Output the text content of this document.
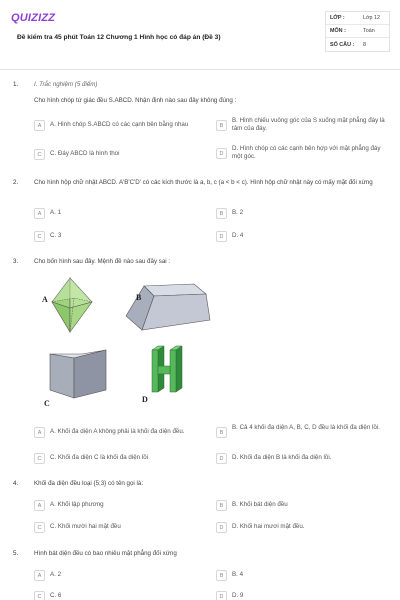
QUIZIZZ
Đề kiểm tra 45 phút Toán 12 Chương 1 Hình học có đáp án (Đề 3)
LỚP :	Lớp 12
MÔN :	Toán
SỐ CÂU :	8
1.	I. Trắc nghiệm (5 điểm)
Cho hình chóp tứ giác đều S.ABCD. Nhận định nào sau đây không đúng :
A	A. Hình chóp S.ABCD có các cạnh bên bằng nhau	B
B. Hình chiếu vuông góc của S xuống mặt phẳng đáy là tâm của đáy.
C	C. Đáy ABCD là hình thoi	D
D. Hình chóp có các cạnh bên hợp với mặt phẳng đáy một góc.
2.	Cho hình hộp chữ nhật ABCD. A'B'C'D' có các kích thước là a, b, c (a < b < c). Hình hộp chữ nhật này có mấy mặt đối xứng
A	A. 1	B	B. 2
C	C. 3	D	D. 4
3.	Cho bốn hình sau đây. Mệnh đề nào sau đây sai :
A	B
C	D
A	A. Khối đa diện A không phải là khối đa diện đều.	B
B. Cả 4 khối đa diện A, B, C, D đều là khối đa diện lồi.
C	C. Khối đa diện C là khối đa diện lồi	D	D. Khối đa diện B là khối đa diện lồi.
4.	Khối đa diện đều loại {5;3} có tên gọi là:
A	A. Khối lập phương	B	B. Khối bát diện đều
C	C. Khối mười hai mặt đều	D	D. Khối hai mươi mặt đều.
5.	Hình bát diện đều có bao nhiêu mặt phẳng đối xứng
A	A. 2	B	B. 4
C	C. 6	D	D. 9
